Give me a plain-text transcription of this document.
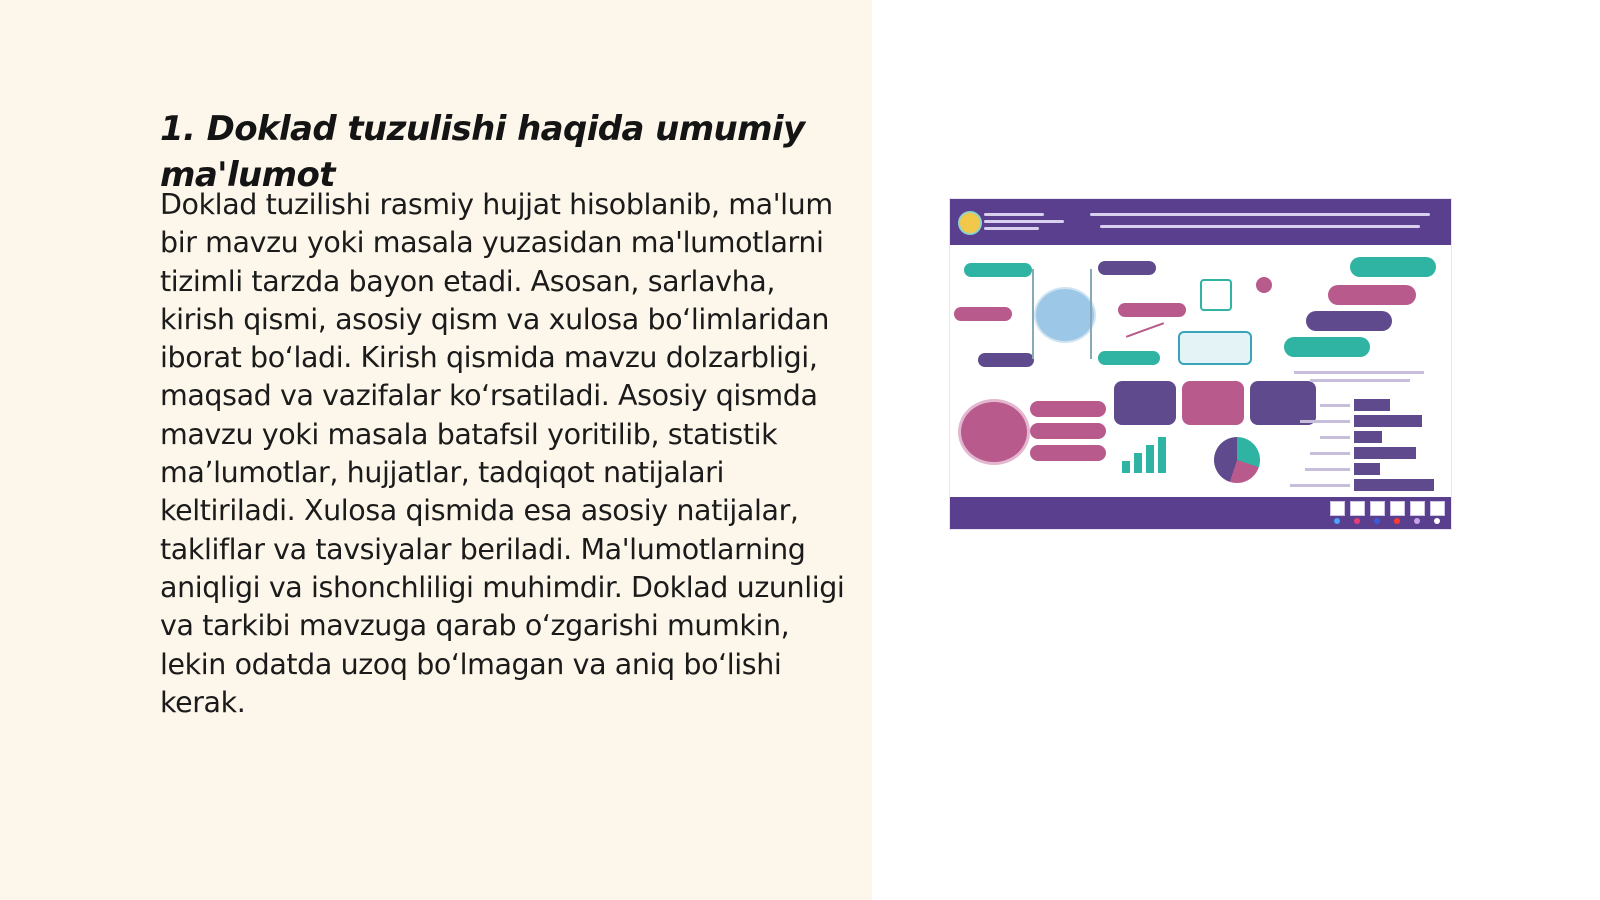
1. Doklad tuzulishi haqida umumiy ma'lumot

Doklad tuzilishi rasmiy hujjat hisoblanib, ma'lum bir mavzu yoki masala yuzasidan ma'lumotlarni tizimli tarzda bayon etadi. Asosan, sarlavha, kirish qismi, asosiy qism va xulosa boʻlimlaridan iborat boʻladi. Kirish qismida mavzu dolzarbligi, maqsad va vazifalar koʻrsatiladi. Asosiy qismda mavzu yoki masala batafsil yoritilib, statistik maʼlumotlar, hujjatlar, tadqiqot natijalari keltiriladi. Xulosa qismida esa asosiy natijalar, takliflar va tavsiyalar beriladi. Ma'lumotlarning aniqligi va ishonchliligi muhimdir. Doklad uzunligi va tarkibi mavzuga qarab oʻzgarishi mumkin, lekin odatda uzoq boʻlmagan va aniq boʻlishi kerak.
